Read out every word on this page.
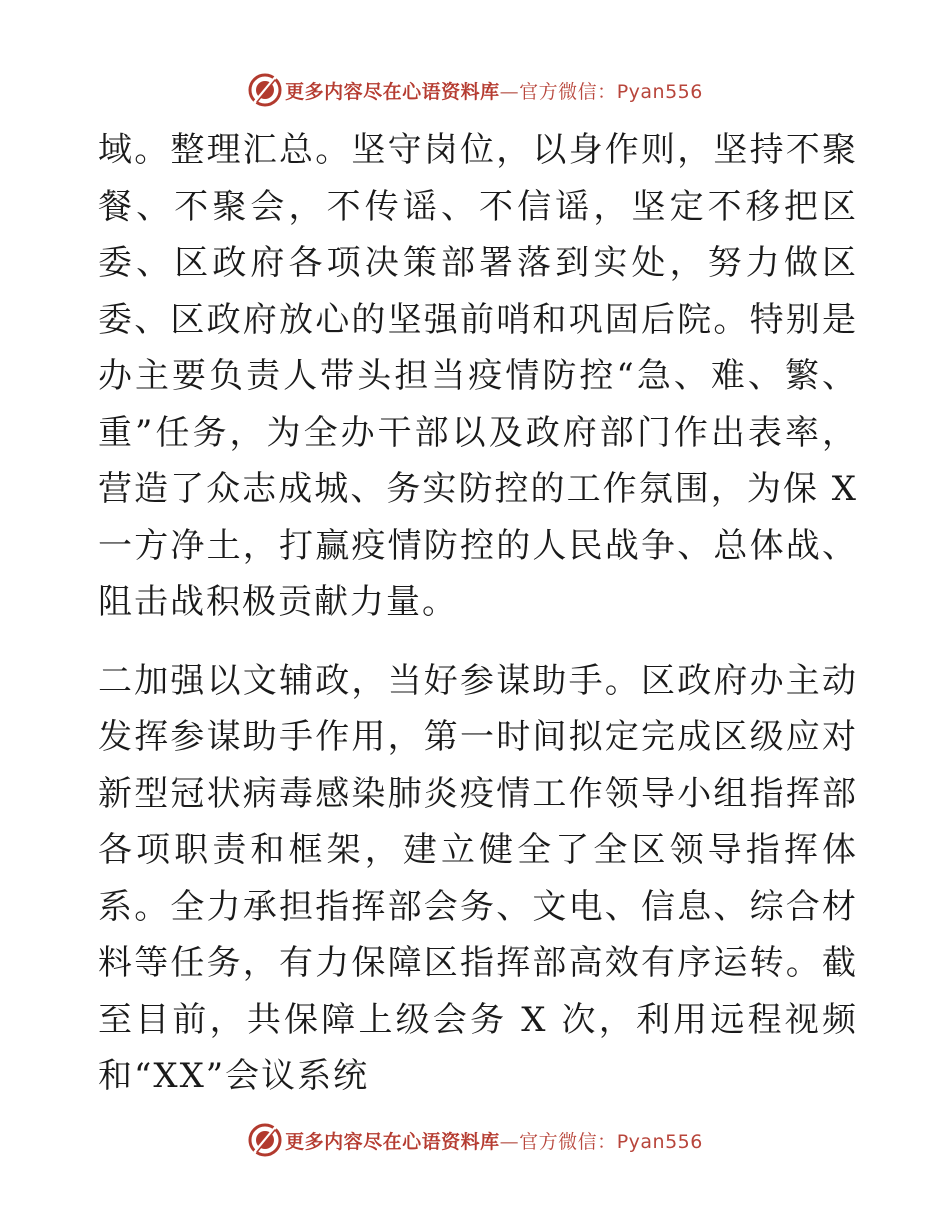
更多内容尽在心语资料库—官方微信：Pyan556

域。整理汇总。坚守岗位，以身作则，坚持不聚餐、不聚会，不传谣、不信谣，坚定不移把区委、区政府各项决策部署落到实处，努力做区委、区政府放心的坚强前哨和巩固后院。特别是办主要负责人带头担当疫情防控“急、难、繁、重”任务，为全办干部以及政府部门作出表率，营造了众志成城、务实防控的工作氛围，为保 X 一方净土，打赢疫情防控的人民战争、总体战、阻击战积极贡献力量。

二加强以文辅政，当好参谋助手。区政府办主动发挥参谋助手作用，第一时间拟定完成区级应对新型冠状病毒感染肺炎疫情工作领导小组指挥部各项职责和框架，建立健全了全区领导指挥体系。全力承担指挥部会务、文电、信息、综合材料等任务，有力保障区指挥部高效有序运转。截至目前，共保障上级会务 X 次，利用远程视频和“XX”会议系统

更多内容尽在心语资料库—官方微信：Pyan556
